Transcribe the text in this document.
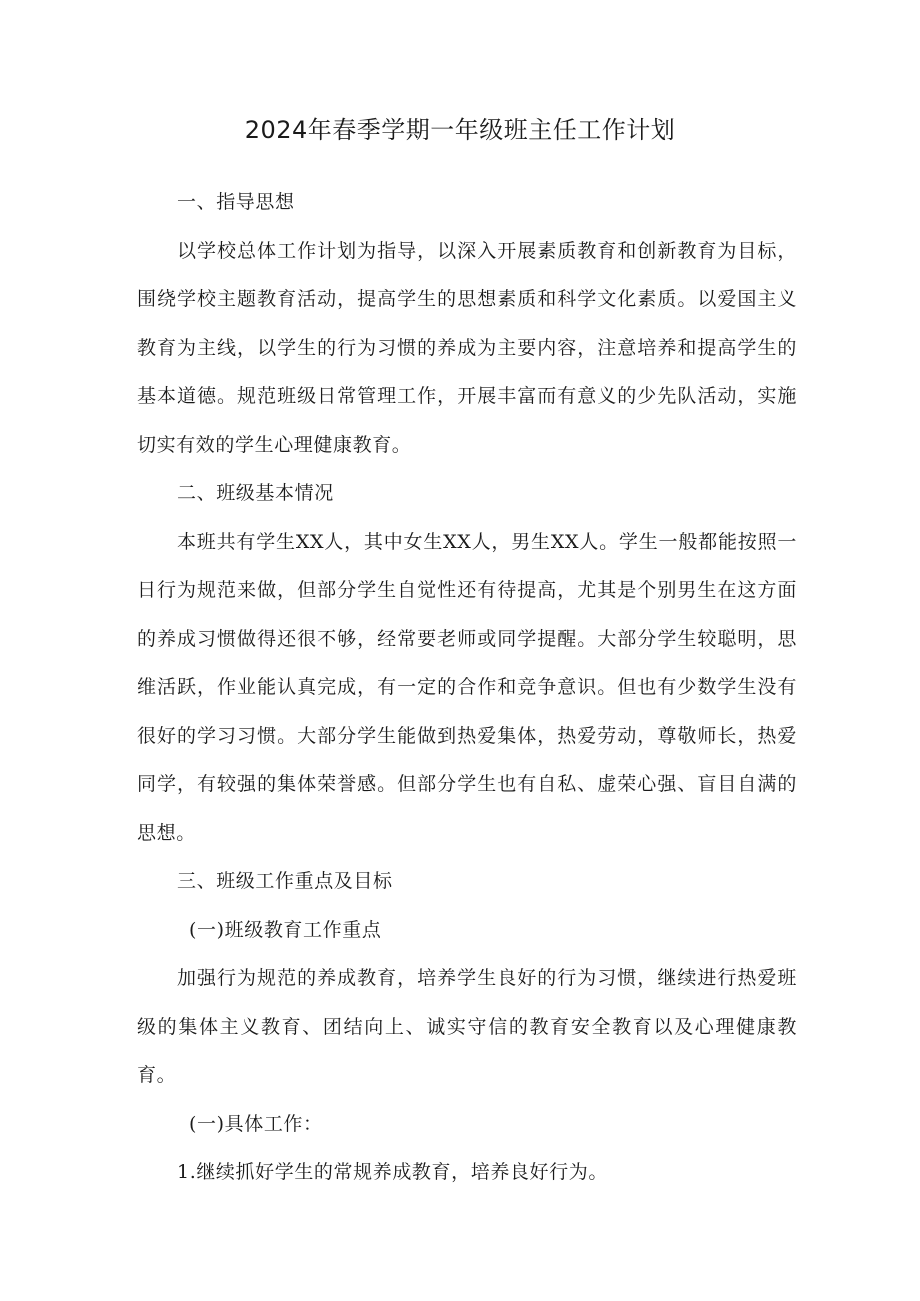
2024年春季学期一年级班主任工作计划

一、指导思想

以学校总体工作计划为指导，以深入开展素质教育和创新教育为目标，围绕学校主题教育活动，提高学生的思想素质和科学文化素质。以爱国主义教育为主线，以学生的行为习惯的养成为主要内容，注意培养和提高学生的基本道德。规范班级日常管理工作，开展丰富而有意义的少先队活动，实施切实有效的学生心理健康教育。

二、班级基本情况

本班共有学生XX人，其中女生XX人，男生XX人。学生一般都能按照一日行为规范来做，但部分学生自觉性还有待提高，尤其是个别男生在这方面的养成习惯做得还很不够，经常要老师或同学提醒。大部分学生较聪明，思维活跃，作业能认真完成，有一定的合作和竞争意识。但也有少数学生没有很好的学习习惯。大部分学生能做到热爱集体，热爱劳动，尊敬师长，热爱同学，有较强的集体荣誉感。但部分学生也有自私、虚荣心强、盲目自满的思想。

三、班级工作重点及目标

(一)班级教育工作重点

加强行为规范的养成教育，培养学生良好的行为习惯，继续进行热爱班级的集体主义教育、团结向上、诚实守信的教育安全教育以及心理健康教育。

(一)具体工作：

1.继续抓好学生的常规养成教育，培养良好行为。
